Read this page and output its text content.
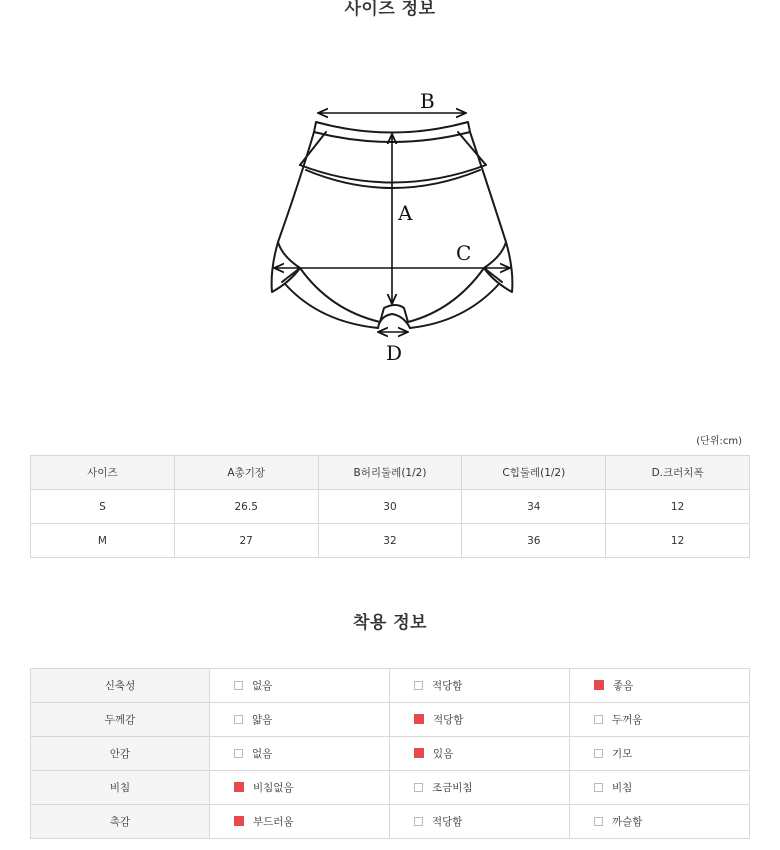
사이즈 정보
B
A
C
D
(단위:cm)
사이즈	A총기장	B허리둘레(1/2)	C힙둘레(1/2)	D.크러치폭
S	26.5	30	34	12
M	27	32	36	12
착용 정보
신축성	없음	적당함	좋음
두께감	얇음	적당함	두꺼움
안감	없음	있음	기모
비침	비침없음	조금비침	비침
촉감	부드러움	적당함	까슬함
